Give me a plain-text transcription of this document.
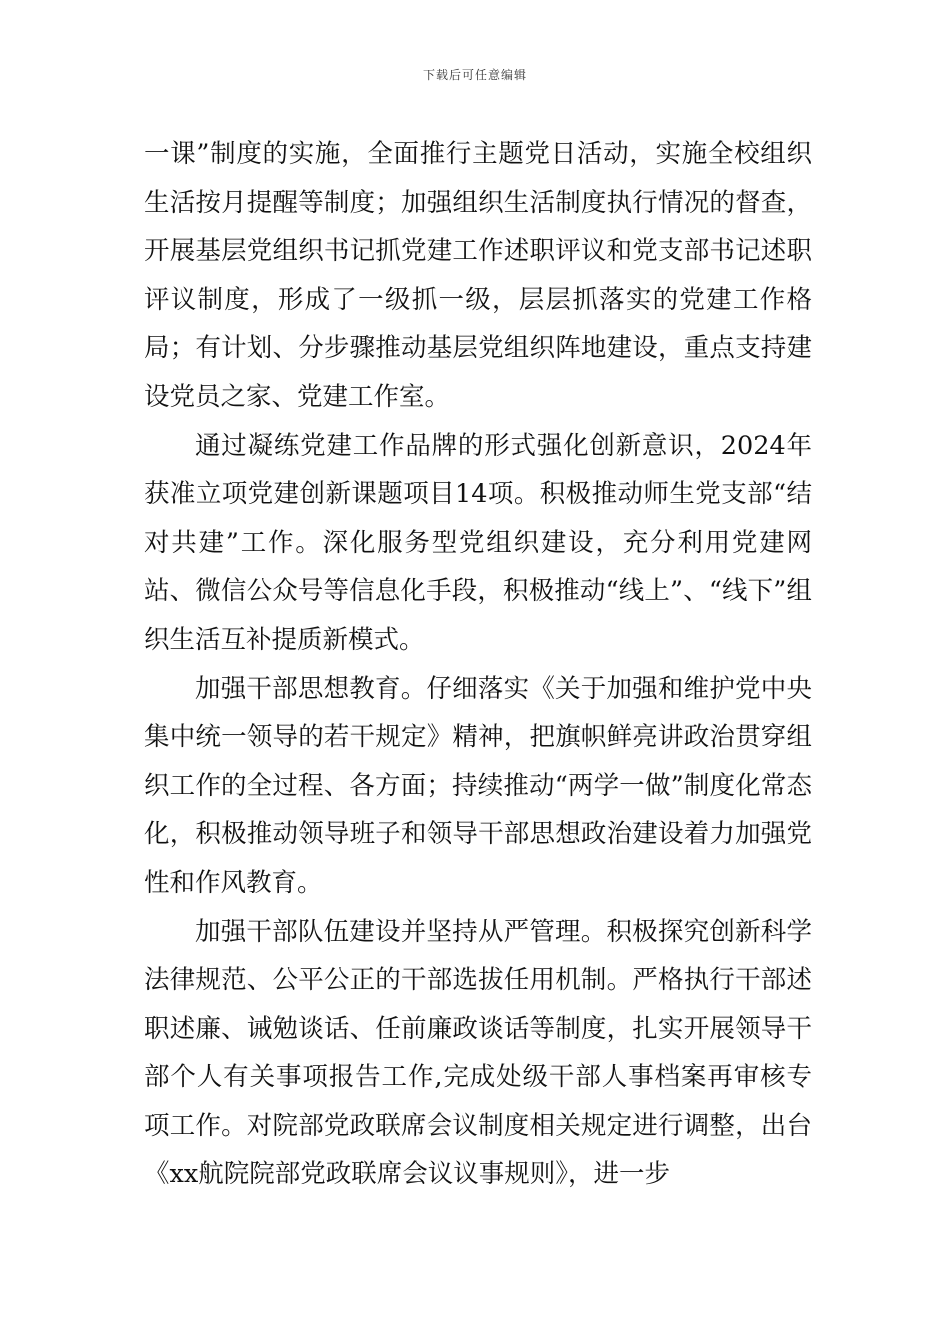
下载后可任意编辑

一课”制度的实施，全面推行主题党日活动，实施全校组织生活按月提醒等制度；加强组织生活制度执行情况的督查，开展基层党组织书记抓党建工作述职评议和党支部书记述职评议制度，形成了一级抓一级，层层抓落实的党建工作格局；有计划、分步骤推动基层党组织阵地建设，重点支持建设党员之家、党建工作室。

通过凝练党建工作品牌的形式强化创新意识，2024年获准立项党建创新课题项目14项。积极推动师生党支部“结对共建”工作。深化服务型党组织建设，充分利用党建网站、微信公众号等信息化手段，积极推动“线上”、“线下”组织生活互补提质新模式。

加强干部思想教育。仔细落实《关于加强和维护党中央集中统一领导的若干规定》精神，把旗帜鲜亮讲政治贯穿组织工作的全过程、各方面；持续推动“两学一做”制度化常态化，积极推动领导班子和领导干部思想政治建设着力加强党性和作风教育。

加强干部队伍建设并坚持从严管理。积极探究创新科学法律规范、公平公正的干部选拔任用机制。严格执行干部述职述廉、诫勉谈话、任前廉政谈话等制度，扎实开展领导干部个人有关事项报告工作,完成处级干部人事档案再审核专项工作。对院部党政联席会议制度相关规定进行调整，出台《xx航院院部党政联席会议议事规则》，进一步
